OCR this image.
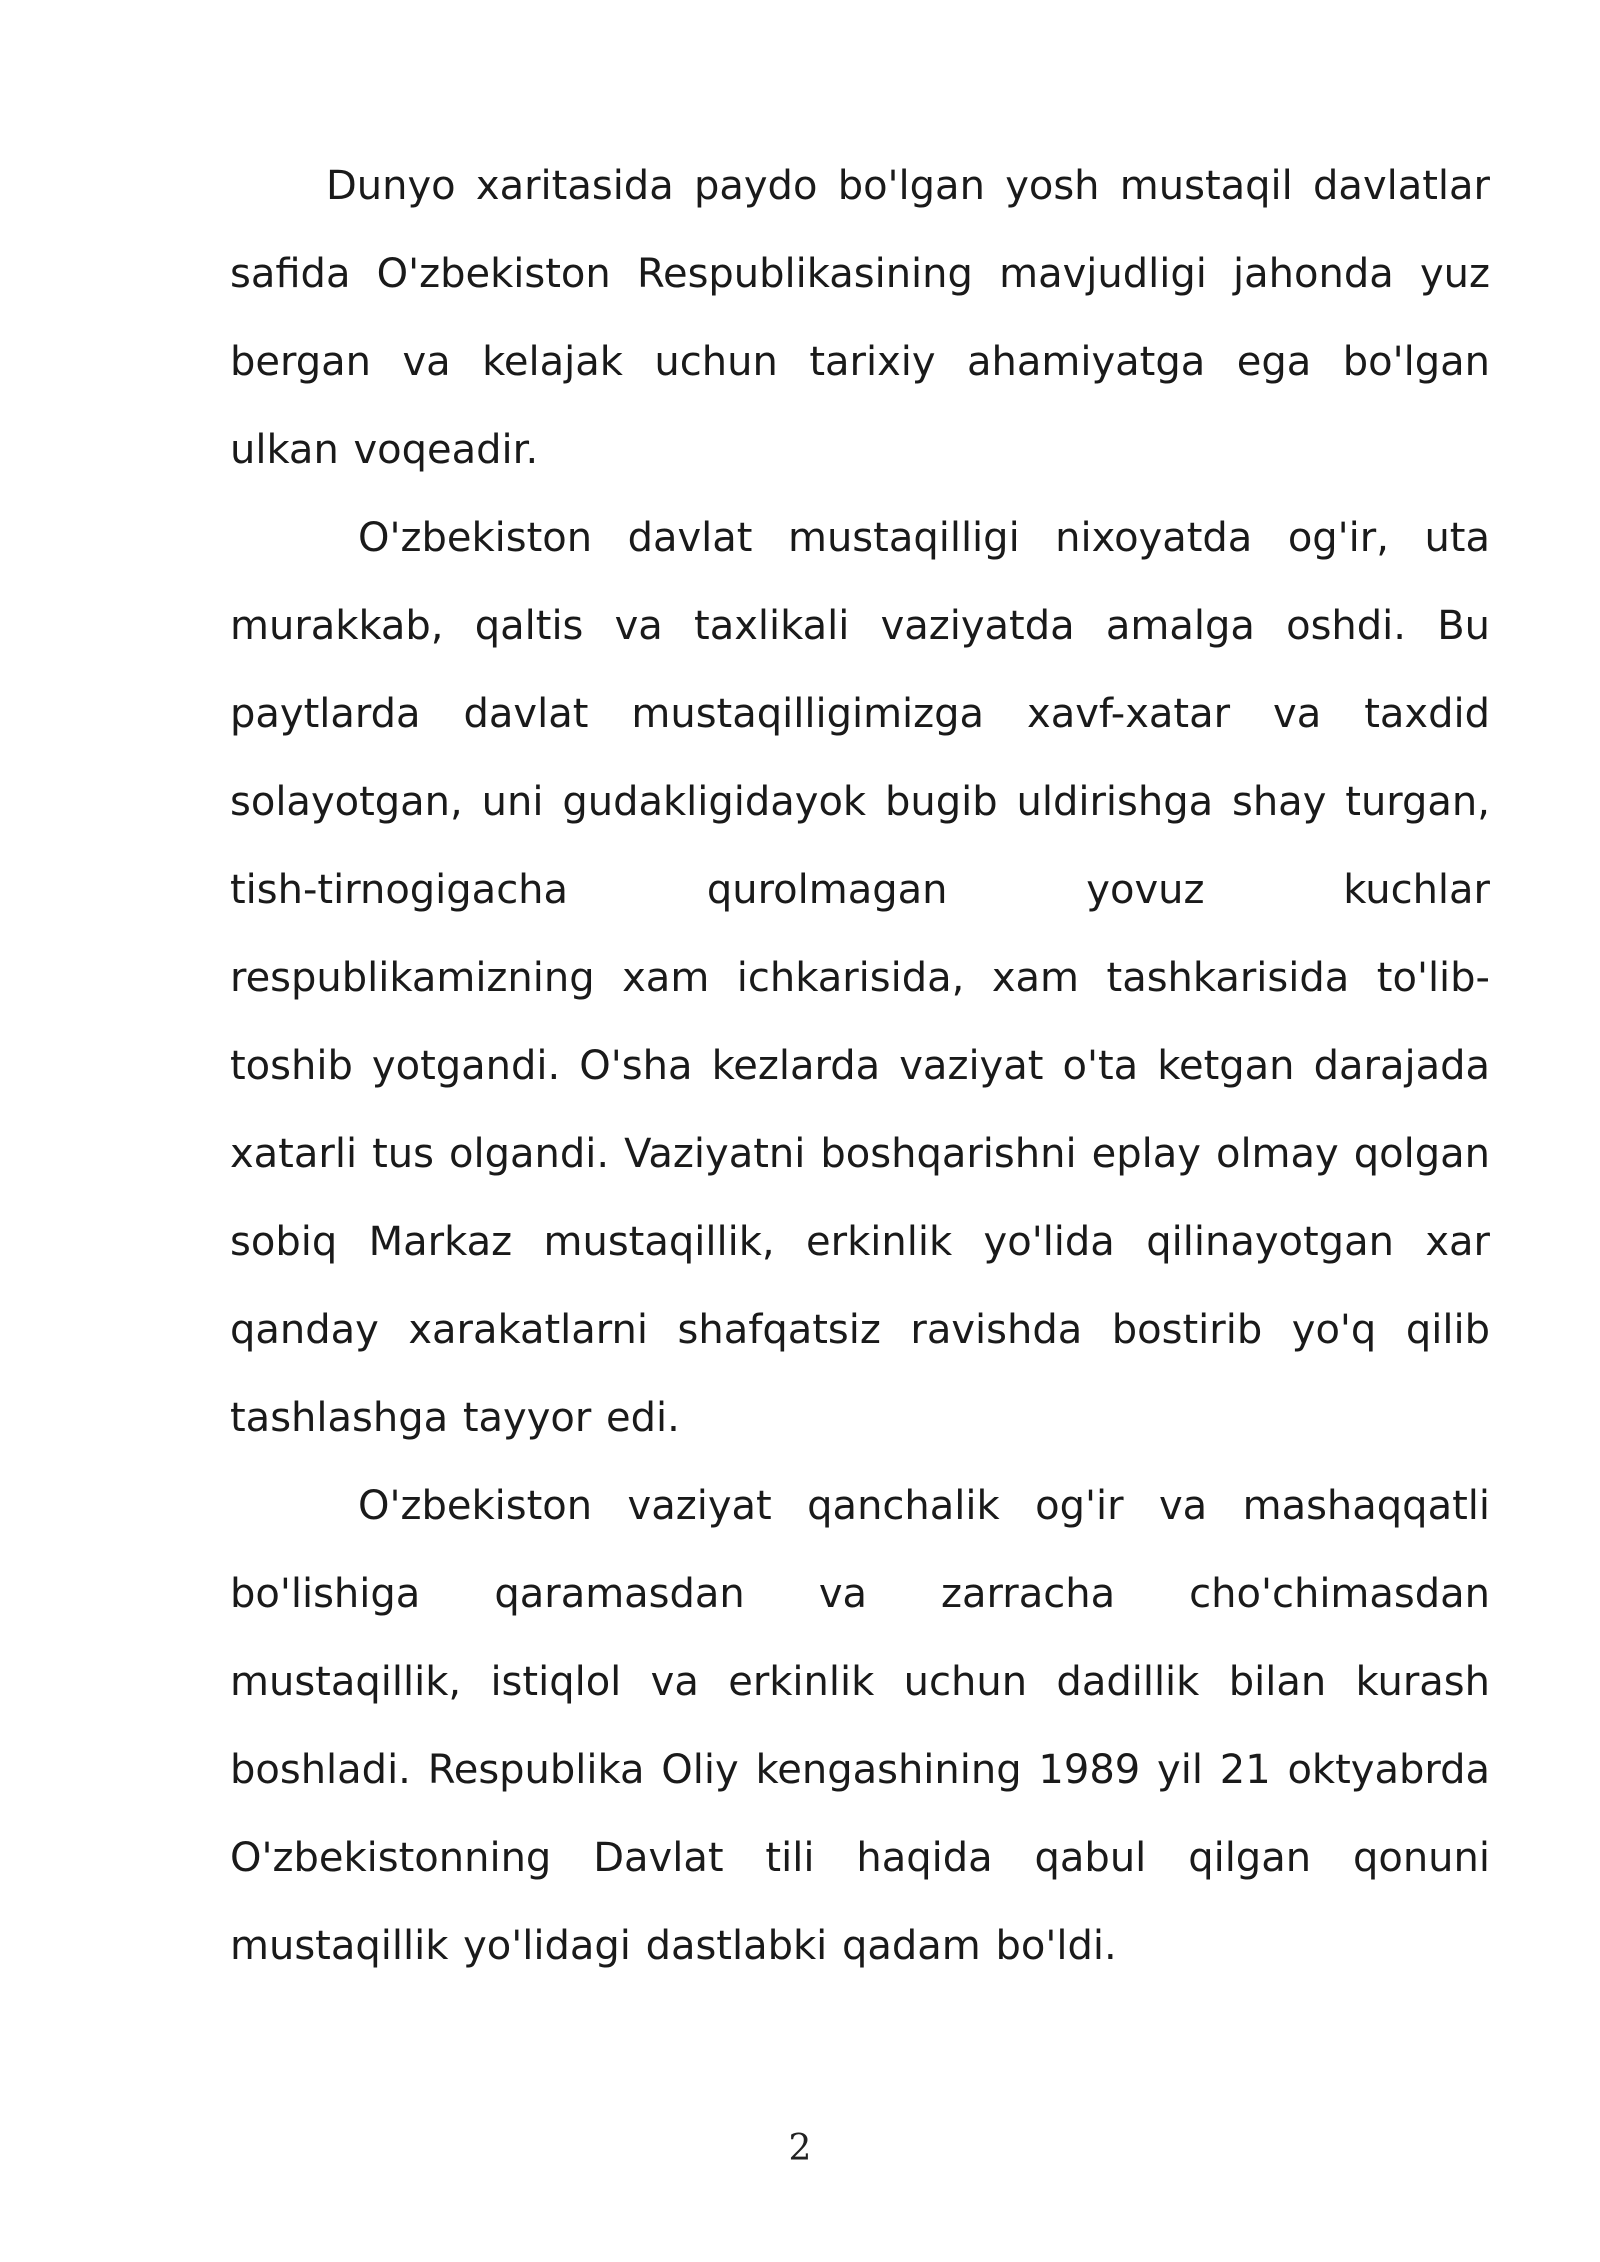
Dunyo xaritasida paydo bo'lgan yosh mustaqil davlatlar safida O'zbekiston Respublikasining mavjudligi jahonda yuz bergan va kelajak uchun tarixiy ahamiyatga ega bo'lgan ulkan voqeadir.

O'zbekiston davlat mustaqilligi nixoyatda og'ir, uta murakkab, qaltis va taxlikali vaziyatda amalga oshdi. Bu paytlarda davlat mustaqilligimizga xavf-xatar va taxdid solayotgan, uni gudakligidayok bugib uldirishga shay turgan, tish-tirnogigacha qurolmagan yovuz kuchlar respublikamizning xam ichkarisida, xam tashkarisida to'lib-toshib yotgandi. O'sha kezlarda vaziyat o'ta ketgan darajada xatarli tus olgandi. Vaziyatni boshqarishni eplay olmay qolgan sobiq Markaz mustaqillik, erkinlik yo'lida qilinayotgan xar qanday xarakatlarni shafqatsiz ravishda bostirib yo'q qilib tashlashga tayyor edi.

O'zbekiston vaziyat qanchalik og'ir va mashaqqatli bo'lishiga qaramasdan va zarracha cho'chimasdan mustaqillik, istiqlol va erkinlik uchun dadillik bilan kurash boshladi. Respublika Oliy kengashining 1989 yil 21 oktyabrda O'zbekistonning Davlat tili haqida qabul qilgan qonuni mustaqillik yo'lidagi dastlabki qadam bo'ldi.

2
